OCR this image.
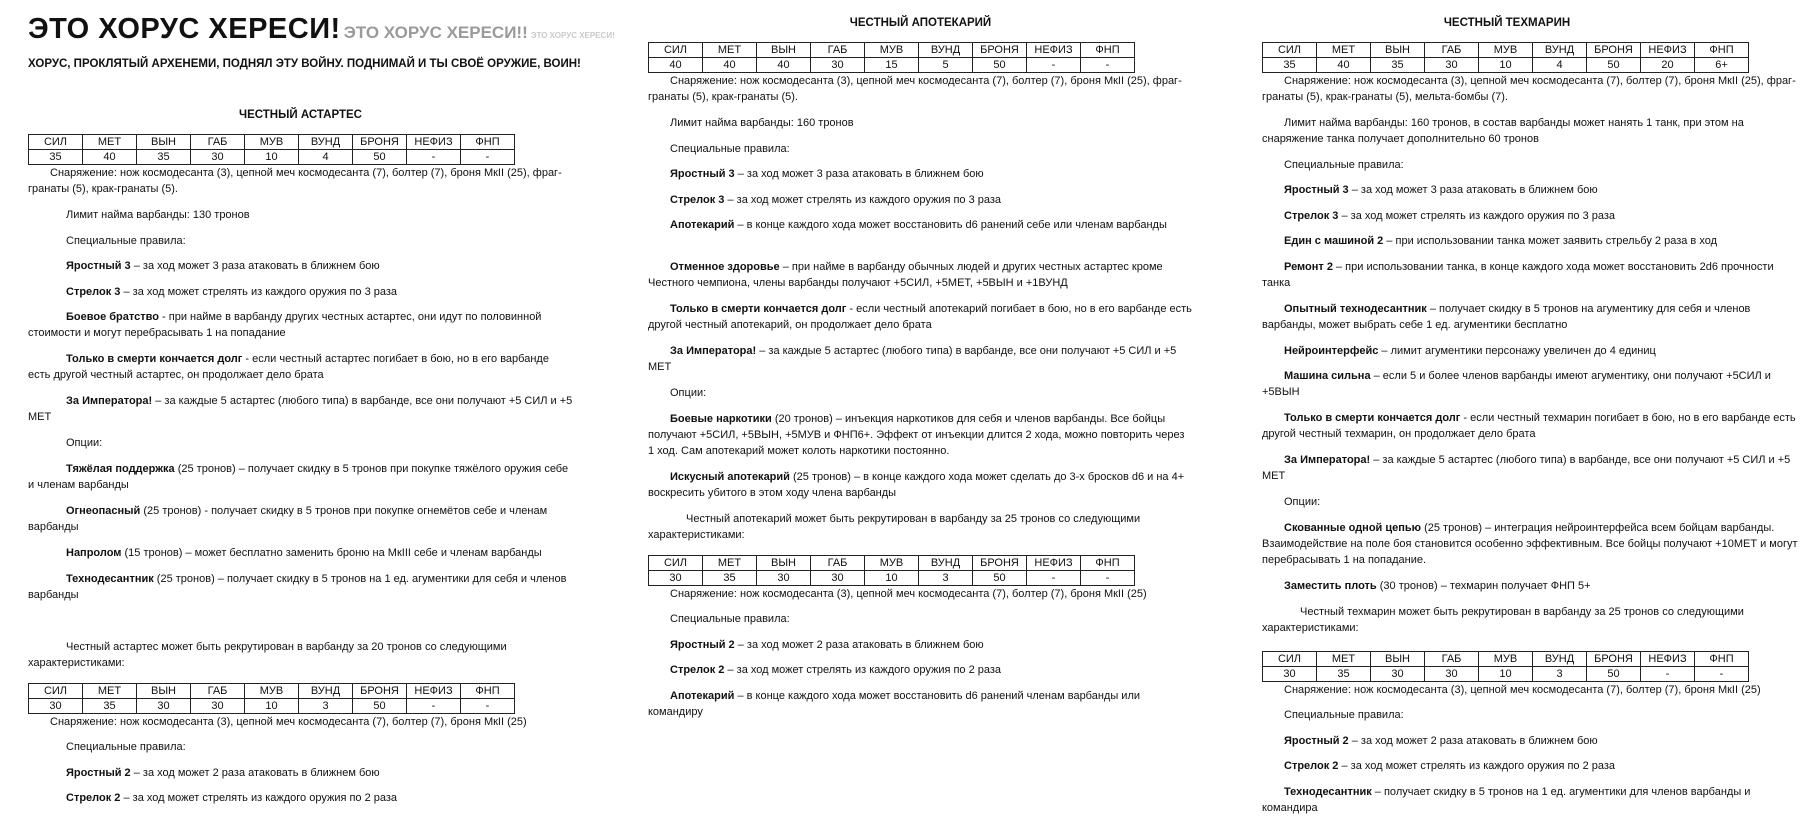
ЭТО ХОРУС ХЕРЕСИ! ЭТО ХОРУС ХЕРЕСИ!! ЭТО ХОРУС ХЕРЕСИ!
ХОРУС, ПРОКЛЯТЫЙ АРХЕНЕМИ, ПОДНЯЛ ЭТУ ВОЙНУ. ПОДНИМАЙ И ТЫ СВОЁ ОРУЖИЕ, ВОИН!
ЧЕСТНЫЙ АСТАРТЕС
СИЛ	МЕТ	ВЫН	ГАБ	МУВ	ВУНД	БРОНЯ	НЕФИЗ	ФНП
35	40	35	30	10	4	50	-	-

Снаряжение: нож космодесанта (3), цепной меч космодесанта (7), болтер (7), броня МкII (25), фраг-гранаты (5), крак-гранаты (5).

Лимит найма варбанды: 130 тронов

Специальные правила:

Яростный 3 – за ход может 3 раза атаковать в ближнем бою

Стрелок 3 – за ход может стрелять из каждого оружия по 3 раза

Боевое братство - при найме в варбанду других честных астартес, они идут по половинной стоимости и могут перебрасывать 1 на попадание

Только в смерти кончается долг - если честный астартес погибает в бою, но в его варбанде есть другой честный астартес, он продолжает дело брата

За Императора! – за каждые 5 астартес (любого типа) в варбанде, все они получают +5 СИЛ и +5 МЕТ

Опции:

Тяжёлая поддержка (25 тронов) – получает скидку в 5 тронов при покупке тяжёлого оружия себе и членам варбанды

Огнеопасный (25 тронов) - получает скидку в 5 тронов при покупке огнемётов себе и членам варбанды

Напролом (15 тронов) – может бесплатно заменить броню на МкIII себе и членам варбанды

Технодесантник (25 тронов) – получает скидку в 5 тронов на 1 ед. агументики для себя и членов варбанды

Честный астартес может быть рекрутирован в варбанду за 20 тронов со следующими характеристиками:

СИЛ	МЕТ	ВЫН	ГАБ	МУВ	ВУНД	БРОНЯ	НЕФИЗ	ФНП
30	35	30	30	10	3	50	-	-

Снаряжение: нож космодесанта (3), цепной меч космодесанта (7), болтер (7), броня МкII (25)

Специальные правила:

Яростный 2 – за ход может 2 раза атаковать в ближнем бою

Стрелок 2 – за ход может стрелять из каждого оружия по 2 раза

ЧЕСТНЫЙ АПОТЕКАРИЙ
СИЛ	МЕТ	ВЫН	ГАБ	МУВ	ВУНД	БРОНЯ	НЕФИЗ	ФНП
40	40	40	30	15	5	50	-	-

Снаряжение: нож космодесанта (3), цепной меч космодесанта (7), болтер (7), броня МкII (25), фраг-гранаты (5), крак-гранаты (5).

Лимит найма варбанды: 160 тронов

Специальные правила:

Яростный 3 – за ход может 3 раза атаковать в ближнем бою

Стрелок 3 – за ход может стрелять из каждого оружия по 3 раза

Апотекарий – в конце каждого хода может восстановить d6 ранений себе или членам варбанды

Отменное здоровье – при найме в варбанду обычных людей и других честных астартес кроме Честного чемпиона, члены варбанды получают +5СИЛ, +5МЕТ, +5ВЫН и +1ВУНД

Только в смерти кончается долг - если честный апотекарий погибает в бою, но в его варбанде есть другой честный апотекарий, он продолжает дело брата

За Императора! – за каждые 5 астартес (любого типа) в варбанде, все они получают +5 СИЛ и +5 МЕТ

Опции:

Боевые наркотики (20 тронов) – инъекция наркотиков для себя и членов варбанды. Все бойцы получают +5СИЛ, +5ВЫН, +5МУВ и ФНП6+. Эффект от инъекции длится 2 хода, можно повторить через 1 ход. Сам апотекарий может колоть наркотики постоянно.

Искусный апотекарий (25 тронов) – в конце каждого хода может сделать до 3-х бросков d6 и на 4+ воскресить убитого в этом ходу члена варбанды

Честный апотекарий может быть рекрутирован в варбанду за 25 тронов со следующими характеристиками:

СИЛ	МЕТ	ВЫН	ГАБ	МУВ	ВУНД	БРОНЯ	НЕФИЗ	ФНП
30	35	30	30	10	3	50	-	-

Снаряжение: нож космодесанта (3), цепной меч космодесанта (7), болтер (7), броня МкII (25)

Специальные правила:

Яростный 2 – за ход может 2 раза атаковать в ближнем бою

Стрелок 2 – за ход может стрелять из каждого оружия по 2 раза

Апотекарий – в конце каждого хода может восстановить d6 ранений членам варбанды или командиру

ЧЕСТНЫЙ ТЕХМАРИН
СИЛ	МЕТ	ВЫН	ГАБ	МУВ	ВУНД	БРОНЯ	НЕФИЗ	ФНП
35	40	35	30	10	4	50	20	6+

Снаряжение: нож космодесанта (3), цепной меч космодесанта (7), болтер (7), броня МкII (25), фраг-гранаты (5), крак-гранаты (5), мельта-бомбы (7).

Лимит найма варбанды: 160 тронов, в состав варбанды может нанять 1 танк, при этом на снаряжение танка получает дополнительно 60 тронов

Специальные правила:

Яростный 3 – за ход может 3 раза атаковать в ближнем бою

Стрелок 3 – за ход может стрелять из каждого оружия по 3 раза

Един с машиной 2 – при использовании танка может заявить стрельбу 2 раза в ход

Ремонт 2 – при использовании танка, в конце каждого хода может восстановить 2d6 прочности танка

Опытный технодесантник – получает скидку в 5 тронов на агументику для себя и членов варбанды, может выбрать себе 1 ед. агументики бесплатно

Нейроинтерфейс – лимит агументики персонажу увеличен до 4 единиц

Машина сильна – если 5 и более членов варбанды имеют агументику, они получают +5СИЛ и +5ВЫН

Только в смерти кончается долг - если честный техмарин погибает в бою, но в его варбанде есть другой честный техмарин, он продолжает дело брата

За Императора! – за каждые 5 астартес (любого типа) в варбанде, все они получают +5 СИЛ и +5 МЕТ

Опции:

Скованные одной цепью (25 тронов) – интеграция нейроинтерфейса всем бойцам варбанды. Взаимодействие на поле боя становится особенно эффективным. Все бойцы получают +10МЕТ и могут перебрасывать 1 на попадание.

Заместить плоть (30 тронов) – техмарин получает ФНП 5+

Честный техмарин может быть рекрутирован в варбанду за 25 тронов со следующими характеристиками:

СИЛ	МЕТ	ВЫН	ГАБ	МУВ	ВУНД	БРОНЯ	НЕФИЗ	ФНП
30	35	30	30	10	3	50	-	-

Снаряжение: нож космодесанта (3), цепной меч космодесанта (7), болтер (7), броня МкII (25)

Специальные правила:

Яростный 2 – за ход может 2 раза атаковать в ближнем бою

Стрелок 2 – за ход может стрелять из каждого оружия по 2 раза

Технодесантник – получает скидку в 5 тронов на 1 ед. агументики для членов варбанды и командира
